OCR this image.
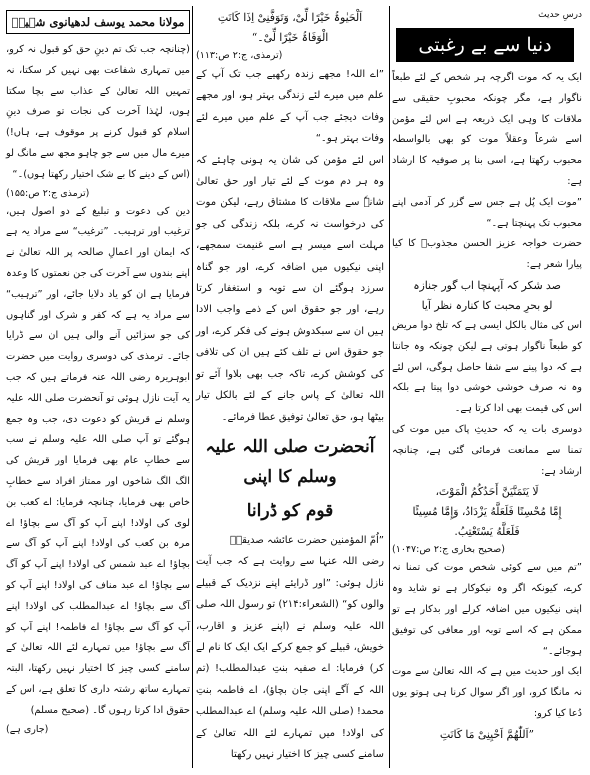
درسِ حدیث
دنیا سے بے رغبتی

ایک یہ کہ موت اگرچہ ہر شخص کے لئے طبعاً ناگوار ہے، مگر چونکہ محبوبِ حقیقی سے ملاقات کا وہی ایک ذریعہ ہے اس لئے مؤمن اسے شرعاً وعقلاً موت کو بھی بالواسطہ محبوب رکھتا ہے، اسی بنا پر صوفیہ کا ارشاد ہے:

”موت ایک پُل ہے جس سے گزر کر آدمی اپنے محبوب تک پہنچتا ہے۔“

حضرت خواجہ عزیز الحسن مجذوبؒ کا کیا پیارا شعر ہے:

صد شکر کہ آپہنچا اب گور جنازہ
لو بحرِ محبت کا کنارہ نظر آیا

اس کی مثال بالکل ایسی ہے کہ تلخ دوا مریض کو طبعاً ناگوار ہوتی ہے لیکن چونکہ وہ جانتا ہے کہ دوا پینے سے شفا حاصل ہوگی، اس لئے وہ نہ صرف خوشی خوشی دوا پیتا ہے بلکہ اس کی قیمت بھی ادا کرتا ہے۔

دوسری بات یہ کہ حدیثِ پاک میں موت کی تمنا سے ممانعت فرمائی گئی ہے، چنانچہ ارشاد ہے:

لَا يَتَمَنَّيَنَّ أَحَدُكُمُ الْمَوْتَ،
إِمَّا مُحْسِنًا فَلَعَلَّهُ يَزْدَادُ، وَإِمَّا مُسِيئًا
فَلَعَلَّهُ يَسْتَعْتِبُ.
(صحیح بخاری ج:۲ ص:۱۰۴۷)

”تم میں سے کوئی شخص موت کی تمنا نہ کرے، کیونکہ اگر وہ نیکوکار ہے تو شاید وہ اپنی نیکیوں میں اضافہ کرلے اور بدکار ہے تو ممکن ہے کہ اسے توبہ اور معافی کی توفیق ہوجائے۔“

ایک اور حدیث میں ہے کہ اللہ تعالیٰ سے موت نہ مانگا کرو، اور اگر سوال کرنا ہی ہوتو یوں دُعا کیا کرو:

”اَللّٰھُمَّ اَحْیِنِیْ مَا کَانَتِ
اَلْحَیٰوۃُ خَیْرًا لِّیْ، وَتَوَفَّنِیْ اِذَا کَانَتِ
الْوَفَاۃُ خَیْرًا لِّیْ۔“
(ترمذی، ج:۲ ص:۱۱۳)

”اے اللہ! مجھے زندہ رکھیے جب تک آپ کے علم میں میرے لئے زندگی بہتر ہو، اور مجھے وفات دیجئے جب آپ کے علم میں میرے لئے وفات بہتر ہو۔“

اس لئے مؤمن کی شان یہ ہونی چاہئے کہ وہ ہر دم موت کے لئے تیار اور حق تعالیٰ شانہٗ سے ملاقات کا مشتاق رہے، لیکن موت کی درخواست نہ کرے، بلکہ زندگی کی جو مہلت اسے میسر ہے اسے غنیمت سمجھے، اپنی نیکیوں میں اضافہ کرے، اور جو گناہ سرزد ہوگئے ان سے توبہ و استغفار کرتا رہے، اور جو حقوق اس کے ذمے واجب الادا ہیں ان سے سبکدوش ہونے کی فکر کرے، اور جو حقوق اس نے تلف کئے ہیں ان کی تلافی کی کوشش کرے، تاکہ جب بھی بلاوا آئے تو اللہ تعالیٰ کے پاس جانے کے لئے بالکل تیار بیٹھا ہو، حق تعالیٰ توفیق عطا فرمائے۔

آنحضرت صلی اللہ علیہ وسلم کا اپنی
قوم کو ڈرانا

”اُمّ المؤمنین حضرت عائشہ صدیقہؓ

رضی اللہ عنہا سے روایت ہے کہ جب آیت نازل ہوئی: ”اور ڈرایئے اپنے نزدیک کے قبیلے والوں کو“ (الشعراء:۲۱۴) تو رسول اللہ صلی اللہ علیہ وسلم نے (اپنے عزیز و اقارب، خویش، قبیلے کو جمع کرکے ایک ایک کا نام لے کر) فرمایا: اے صفیہ بنتِ عبدالمطلب! (تم اللہ کے آگے اپنی جان بچاؤ)، اے فاطمہ بنتِ محمد! (صلی اللہ علیہ وسلم) اے عبدالمطلب کی اولاد! میں تمہارے لئے اللہ تعالیٰ کے سامنے کسی چیز کا اختیار نہیں رکھتا

مولانا محمد یوسف لدھیانوی شہیدؒ

(چنانچہ جب تک تم دینِ حق کو قبول نہ کرو، میں تمہاری شفاعت بھی نہیں کر سکتا، نہ تمہیں اللہ تعالیٰ کے عذاب سے بچا سکتا ہوں، لہٰذا آخرت کی نجات تو صرف دینِ اسلام کو قبول کرنے پر موقوف ہے، ہاں!) میرے مال میں سے جو چاہو مجھ سے مانگ لو (اس کے دینے کا بے شک اختیار رکھتا ہوں)۔“

(ترمذی ج:۲ ص:۱۵۵)

دین کی دعوت و تبلیغ کے دو اصول ہیں، ترغیب اور ترہیب۔ ”ترغیب“ سے مراد یہ ہے کہ ایمان اور اعمالِ صالحہ پر اللہ تعالیٰ نے اپنے بندوں سے آخرت کی جن نعمتوں کا وعدہ فرمایا ہے ان کو یاد دلایا جائے، اور ”ترہیب“ سے مراد یہ ہے کہ کفر و شرک اور گناہوں کی جو سزائیں آنے والی ہیں ان سے ڈرایا جائے۔ ترمذی کی دوسری روایت میں حضرت ابوہریرہ رضی اللہ عنہ فرماتے ہیں کہ جب یہ آیت نازل ہوئی تو آنحضرت صلی اللہ علیہ وسلم نے قریش کو دعوت دی، جب وہ جمع ہوگئے تو آپ صلی اللہ علیہ وسلم نے سب سے خطابِ عام بھی فرمایا اور قریش کی الگ الگ شاخوں اور ممتاز افراد سے خطابِ خاص بھی فرمایا، چنانچہ فرمایا: اے کعب بن لوی کی اولاد! اپنے آپ کو آگ سے بچاؤ! اے مرہ بن کعب کی اولاد! اپنے آپ کو آگ سے بچاؤ! اے عبد شمس کی اولاد! اپنے آپ کو آگ سے بچاؤ! اے عبد مناف کی اولاد! اپنے آپ کو آگ سے بچاؤ! اے عبدالمطلب کی اولاد! اپنے آپ کو آگ سے بچاؤ! اے فاطمہ! اپنے آپ کو آگ سے بچاؤ! میں تمہارے لئے اللہ تعالیٰ کے سامنے کسی چیز کا اختیار نہیں رکھتا، البتہ تمہارے ساتھ رشتہ داری کا تعلق ہے، اس کے حقوق ادا کرتا رہوں گا۔ (صحیح مسلم)

(جاری ہے)
